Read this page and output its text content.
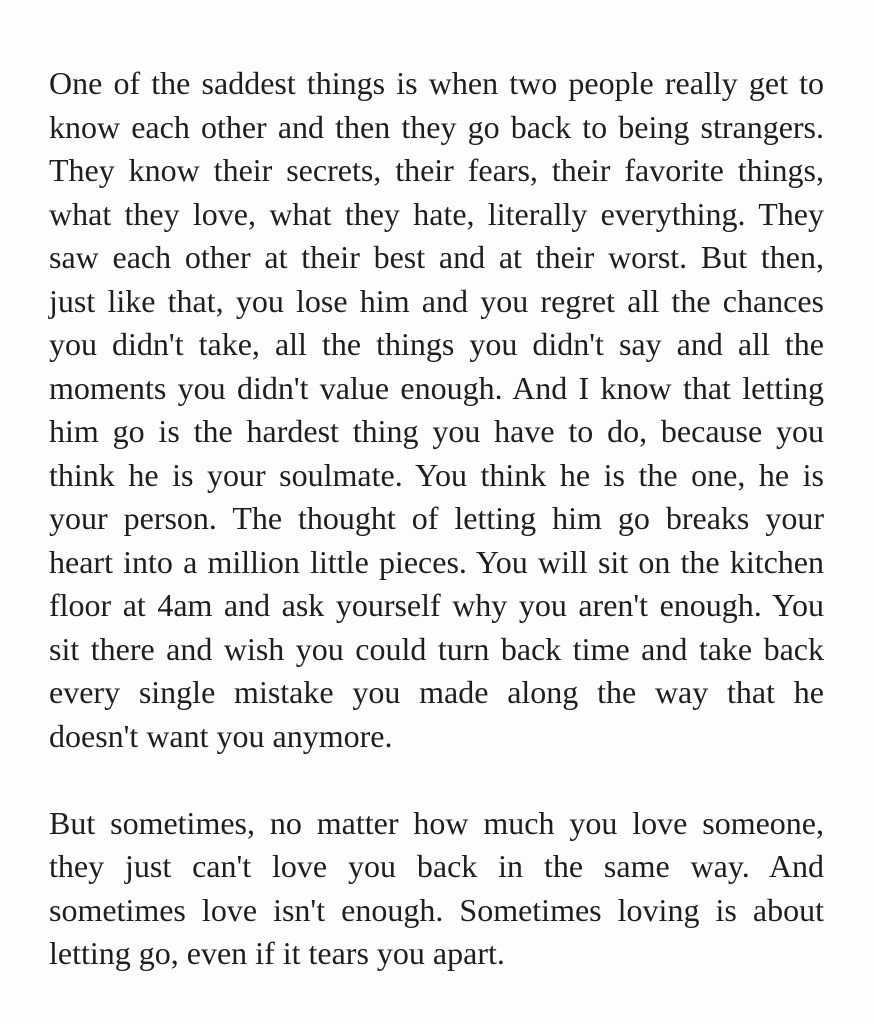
One of the saddest things is when two people really get to
know each other and then they go back to being strangers.
They know their secrets, their fears, their favorite things,
what they love, what they hate, literally everything. They
saw each other at their best and at their worst. But then,
just like that, you lose him and you regret all the chances
you didn't take, all the things you didn't say and all the
moments you didn't value enough. And I know that letting
him go is the hardest thing you have to do, because you
think he is your soulmate. You think he is the one, he is
your person. The thought of letting him go breaks your
heart into a million little pieces. You will sit on the kitchen
floor at 4am and ask yourself why you aren't enough. You
sit there and wish you could turn back time and take back
every single mistake you made along the way that he
doesn't want you anymore.
But sometimes, no matter how much you love someone,
they just can't love you back in the same way. And
sometimes love isn't enough. Sometimes loving is about
letting go, even if it tears you apart.
